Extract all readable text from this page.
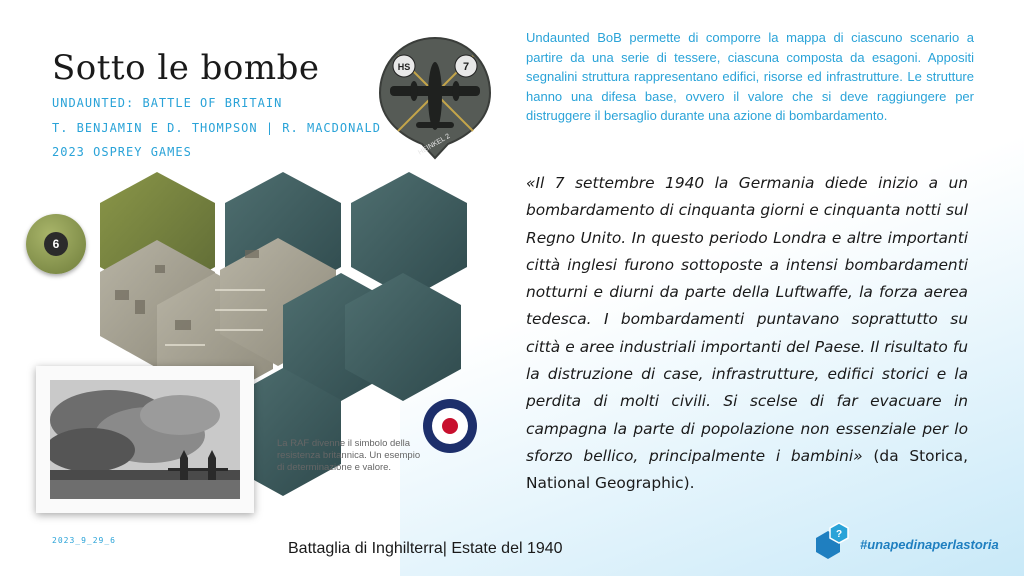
Sotto le bombe
UNDAUNTED: BATTLE OF BRITAIN
T. BENJAMIN E D. THOMPSON | R. MACDONALD
2023 OSPREY GAMES
6
HS	7
HEINKEL 2
La RAF divenne il simbolo della resistenza britannica. Un esempio di determinazione e valore.
Undaunted BoB permette di comporre la mappa di ciascuno scenario a partire da una serie di tessere, ciascuna composta da esagoni. Appositi segnalini struttura rappresentano edifici, risorse ed infrastrutture. Le strutture hanno una difesa base, ovvero il valore che si deve raggiungere per distruggere il bersaglio durante una azione di bombardamento.
«Il 7 settembre 1940 la Germania diede inizio a un bombardamento di cinquanta giorni e cinquanta notti sul Regno Unito. In questo periodo Londra e altre importanti città inglesi furono sottoposte a intensi bombardamenti notturni e diurni da parte della Luftwaffe, la forza aerea tedesca. I bombardamenti puntavano soprattutto su città e aree industriali importanti del Paese. Il risultato fu la distruzione di case, infrastrutture, edifici storici e la perdita di molti civili. Si scelse di far evacuare in campagna la parte di popolazione non essenziale per lo sforzo bellico, principalmente i bambini» (da Storica, National Geographic).
2023_9_29_6	Battaglia di Inghilterra| Estate del 1940
?
#unapedinaperlastoria
